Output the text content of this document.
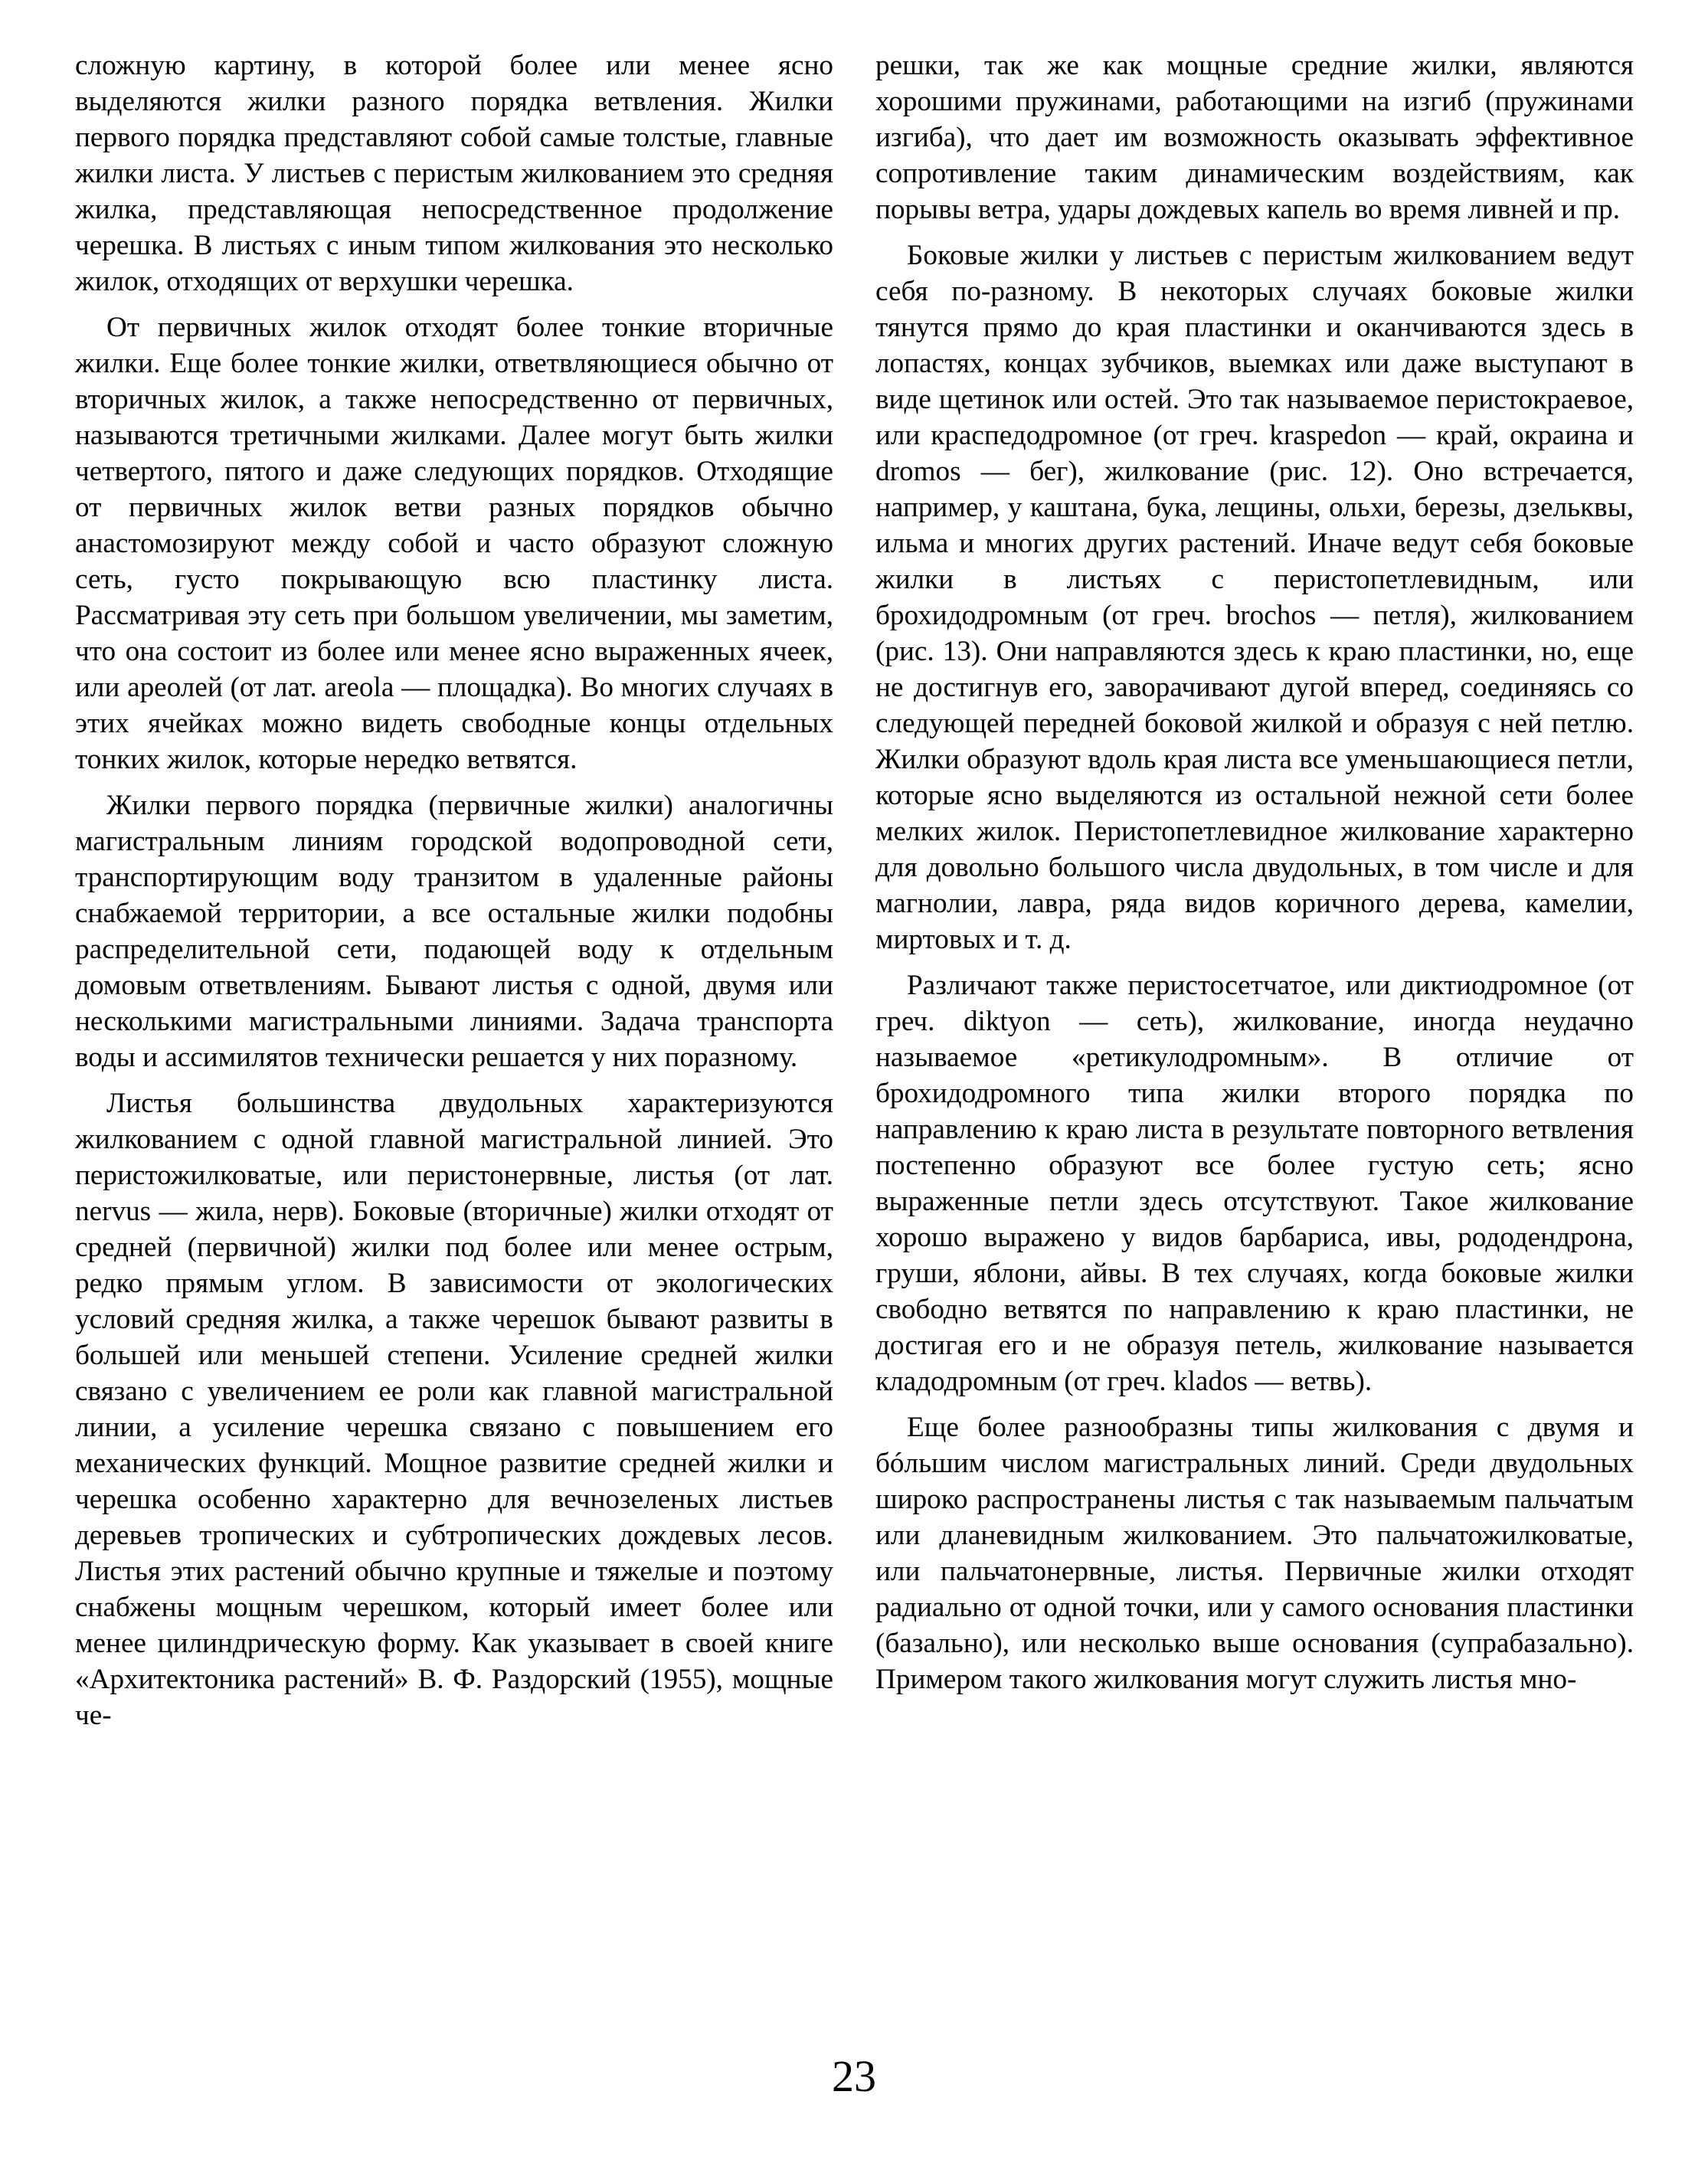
сложную картину, в которой более или менее ясно выделяются жилки разного порядка ветвления. Жилки первого порядка представляют собой самые толстые, главные жилки листа. У листьев с перистым жилкованием это средняя жилка, представляющая непосредственное продолжение черешка. В листьях с иным типом жилкования это несколько жилок, отходящих от верхушки черешка.

От первичных жилок отходят более тонкие вторичные жилки. Еще более тонкие жилки, ответвляющиеся обычно от вторичных жилок, а также непосредственно от первичных, называются третичными жилками. Далее могут быть жилки четвертого, пятого и даже следующих порядков. Отходящие от первичных жилок ветви разных порядков обычно анастомозируют между собой и часто образуют сложную сеть, густо покрывающую всю пластинку листа. Рассматривая эту сеть при большом увеличении, мы заметим, что она состоит из более или менее ясно выраженных ячеек, или ареолей (от лат. areola — площадка). Во многих случаях в этих ячейках можно видеть свободные концы отдельных тонких жилок, которые нередко ветвятся.

Жилки первого порядка (первичные жилки) аналогичны магистральным линиям городской водопроводной сети, транспортирующим воду транзитом в удаленные районы снабжаемой территории, а все остальные жилки подобны распределительной сети, подающей воду к отдельным домовым ответвлениям. Бывают листья с одной, двумя или несколькими магистральными линиями. Задача транспорта воды и ассимилятов технически решается у них поразному.

Листья большинства двудольных характеризуются жилкованием с одной главной магистральной линией. Это перистожилковатые, или перистонервные, листья (от лат. nervus — жила, нерв). Боковые (вторичные) жилки отходят от средней (первичной) жилки под более или менее острым, редко прямым углом. В зависимости от экологических условий средняя жилка, а также черешок бывают развиты в большей или меньшей степени. Усиление средней жилки связано с увеличением ее роли как главной магистральной линии, а усиление черешка связано с повышением его механических функций. Мощное развитие средней жилки и черешка особенно характерно для вечнозеленых листьев деревьев тропических и субтропических дождевых лесов. Листья этих растений обычно крупные и тяжелые и поэтому снабжены мощным черешком, который имеет более или менее цилиндрическую форму. Как указывает в своей книге «Архитектоника растений» В. Ф. Раздорский (1955), мощные че-

решки, так же как мощные средние жилки, являются хорошими пружинами, работающими на изгиб (пружинами изгиба), что дает им возможность оказывать эффективное сопротивление таким динамическим воздействиям, как порывы ветра, удары дождевых капель во время ливней и пр.

Боковые жилки у листьев с перистым жилкованием ведут себя по-разному. В некоторых случаях боковые жилки тянутся прямо до края пластинки и оканчиваются здесь в лопастях, концах зубчиков, выемках или даже выступают в виде щетинок или остей. Это так называемое перистокраевое, или краспедодромное (от греч. kraspedon — край, окраина и dromos — бег), жилкование (рис. 12). Оно встречается, например, у каштана, бука, лещины, ольхи, березы, дзельквы, ильма и многих других растений. Иначе ведут себя боковые жилки в листьях с перистопетлевидным, или брохидодромным (от греч. brochos — петля), жилкованием (рис. 13). Они направляются здесь к краю пластинки, но, еще не достигнув его, заворачивают дугой вперед, соединяясь со следующей передней боковой жилкой и образуя с ней петлю. Жилки образуют вдоль края листа все уменьшающиеся петли, которые ясно выделяются из остальной нежной сети более мелких жилок. Перистопетлевидное жилкование характерно для довольно большого числа двудольных, в том числе и для магнолии, лавра, ряда видов коричного дерева, камелии, миртовых и т. д.

Различают также перистосетчатое, или диктиодромное (от греч. diktyon — сеть), жилкование, иногда неудачно называемое «ретикулодромным». В отличие от брохидодромного типа жилки второго порядка по направлению к краю листа в результате повторного ветвления постепенно образуют все более густую сеть; ясно выраженные петли здесь отсутствуют. Такое жилкование хорошо выражено у видов барбариса, ивы, рододендрона, груши, яблони, айвы. В тех случаях, когда боковые жилки свободно ветвятся по направлению к краю пластинки, не достигая его и не образуя петель, жилкование называется кладодромным (от греч. klados — ветвь).

Еще более разнообразны типы жилкования с двумя и бóльшим числом магистральных линий. Среди двудольных широко распространены листья с так называемым пальчатым или дланевидным жилкованием. Это пальчатожилковатые, или пальчатонервные, листья. Первичные жилки отходят радиально от одной точки, или у самого основания пластинки (базально), или несколько выше основания (супрабазально). Примером такого жилкования могут служить листья мно-

23
